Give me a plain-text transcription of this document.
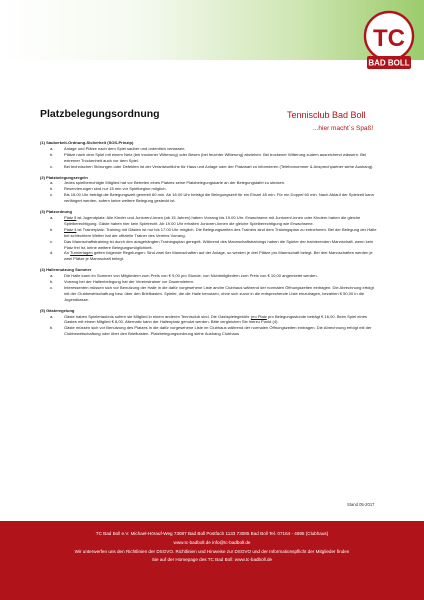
TC
BAD BOLL
Platzbelegungsordnung	Tennisclub Bad Boll
...hier macht´s Spaß!
(1) Sauberkeit-Ordnung-Sicherheit (SOS-Prinzip)
a.	Anlage und Plätze nach dem Spiel sauber und ordentlich verlassen.
b.	Plätze nach dem Spiel mit einem Netz (bei trockener Witterung) oder Besen (bei feuchter Witterung) abziehen. Bei trockener Witterung zudem ausreichend wässern. Bei extremer Trockenheit auch vor dem Spiel.
c.	Bei technischen Störungen oder Defekten ist der Verantwortliche für Haus und Anlage oder der Platzwart zu informieren (Telefonnummer & Ansprechpartner siehe Aushang).
(2) Platzbelegungsregeln
a.	Jedes spielberechtigte Mitglied hat vor Betreten eines Platzes seine Platzbelegungskarte an der Belegungstafel zu stecken.
b.	Reservierungen sind nur 15 min vor Spielbeginn möglich.
c.	Bis 16.00 Uhr beträgt die Belegungszeit generell 60 min. Ab 16.00 Uhr beträgt die Belegungszeit für ein Einzel 45 min. Für ein Doppel 60 min. Nach Ablauf der Spielzeit kann verlängert werden, sofern keine weitere Belegung gesteckt ist.
(3) Platzordnung
a.	Platz 5 ist Jugendplatz: Alle Kinder und Junioren/-innen (ab 15 Jahren) haben Vorrang bis 19.00 Uhr. Erwachsene mit Junioren/-innen oder Kindern haben die gleiche Spielberechtigung. Gäste haben hier kein Spielrecht. Ab 19.00 Uhr erhalten Junioren-/innen die gleiche Spielberechtigung wie Erwachsene.
b.	Platz 4 ist Trainerplatz: Training mit Gästen ist nur bis 17.00 Uhr möglich. Die Belegungszeiten des Trainers sind dem Trainingsplan zu entnehmen. Bei der Belegung der Halle bei schlechtem Wetter hat der offizielle Trainer des Vereins Vorrang.
c.	Das Mannschaftstraining ist durch den ausgehängten Trainingsplan geregelt. Während des Mannschaftstrainings haben die Spieler der trainierenden Mannschaft, wenn kein Platz frei ist, keine weitere Belegungsmöglichkeit.
d.	An Turniertagen gelten folgende Regelungen: Sind zwei 6er Mannschaften auf der Anlage, so werden je drei Plätze pro Mannschaft belegt. Bei drei Mannschaften werden je zwei Plätze je Mannschaft belegt.
(4) Hallennutzung Sommer
a.	Die Halle kann im Sommer von Mitgliedern zum Preis von € 9,00 pro Stunde, von Nichtmitgliedern zum Preis von € 10,00 angemietet werden.
b.	Vorrang bei der Hallenbelegung hat der Vereinstrainer vor Dauermietern.
c.	Interessenten müssen sich vor Benutzung der Halle in die dafür vorgesehene Liste am/im Clubhaus während der normalen Öffnungszeiten eintragen. Die Abrechnung erfolgt mit der Clubbewirtschaftung bzw. über den Briefkasten. Spieler, die die Halle benutzen, ohne sich zuvor in die entsprechende Liste einzutragen, bezahlen € 50,00 in die Jugendkasse.
(5) Gästeregelung
a.	Gäste haben Spielerlaubnis sofern sie Mitglied in einem anderen Tennisclub sind. Die Gastspielegebühr pro Platz pro Belegungsstunde beträgt € 16,00. Beim Spiel eines Gastes mit einem Mitglied € 8,00. Alternativ kann der Hallenplatz genutzt werden. Bitte vergleichen Sie hierzu Punkt (4).
b.	Gäste müssen sich vor Benutzung des Platzes in die dafür vorgesehene Liste im Clubhaus während der normalen Öffnungszeiten eintragen. Die Abrechnung erfolgt mit der Clubbewirtschaftung oder über den Briefkasten. Platzbelegungsordnung siehe Aushang Clubhaus
Stand 05-2017
TC Bad Boll e.V. Michael-Hörauf-Weg 73087 Bad Boll Postfach 1133 73085 Bad Boll Tel. 07164 - 4695 (Clubhaus)
www.tc-badboll.de info@tc-badboll.de
Wir unterwerfen uns den Richtlinien der DSGVO. Richtlinien und Hinweise zur DSGVO und der Informationspflicht der Mitglieder finden
Sie auf der Homepage des TC Bad Boll: www.tc-badboll.de
